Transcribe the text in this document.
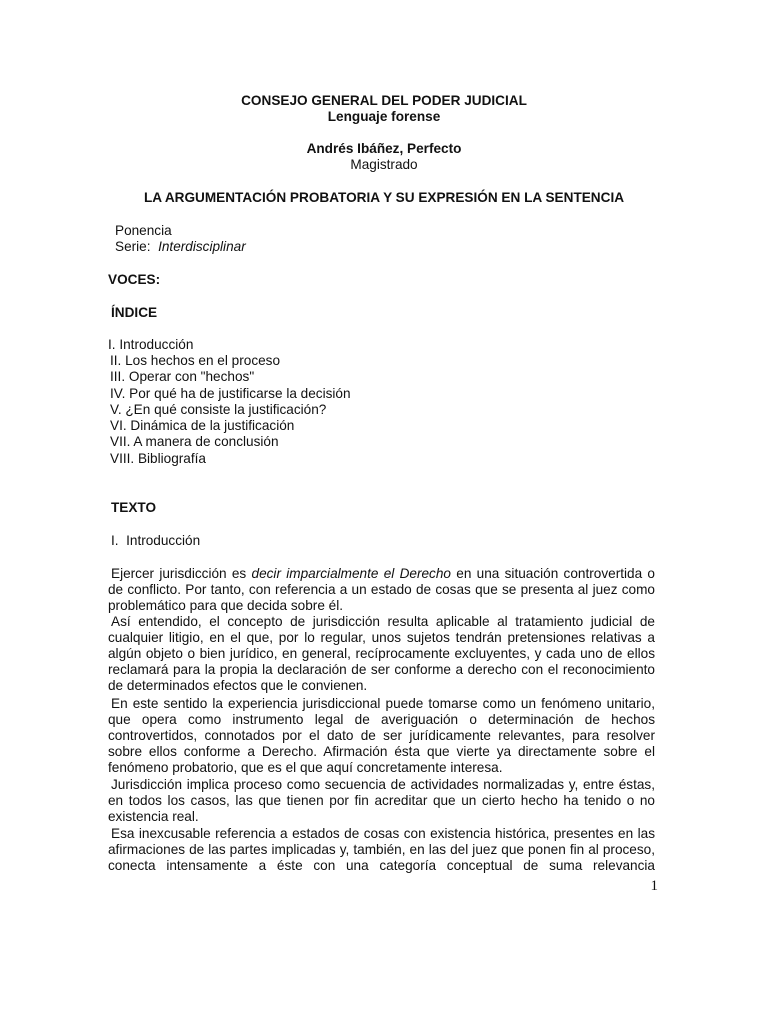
CONSEJO GENERAL DEL PODER JUDICIAL
Lenguaje forense
Andrés Ibáñez, Perfecto
Magistrado
LA ARGUMENTACIÓN PROBATORIA Y SU EXPRESIÓN EN LA SENTENCIA
Ponencia
Serie: Interdisciplinar
VOCES:
ÍNDICE
I. Introducción
II. Los hechos en el proceso
III. Operar con "hechos"
IV. Por qué ha de justificarse la decisión
V. ¿En qué consiste la justificación?
VI. Dinámica de la justificación
VII. A manera de conclusión
VIII. Bibliografía
TEXTO
I.  Introducción

Ejercer jurisdicción es decir imparcialmente el Derecho en una situación controvertida o de conflicto. Por tanto, con referencia a un estado de cosas que se presenta al juez como problemático para que decida sobre él.

Así entendido, el concepto de jurisdicción resulta aplicable al tratamiento judicial de cualquier litigio, en el que, por lo regular, unos sujetos tendrán pretensiones relativas a algún objeto o bien jurídico, en general, recíprocamente excluyentes, y cada uno de ellos reclamará para la propia la declaración de ser conforme a derecho con el reconocimiento de determinados efectos que le convienen.

En este sentido la experiencia jurisdiccional puede tomarse como un fenómeno unitario, que opera como instrumento legal de averiguación o determinación de hechos controvertidos, connotados por el dato de ser jurídicamente relevantes, para resolver sobre ellos conforme a Derecho. Afirmación ésta que vierte ya directamente sobre el fenómeno probatorio, que es el que aquí concretamente interesa.

Jurisdicción implica proceso como secuencia de actividades normalizadas y, entre éstas, en todos los casos, las que tienen por fin acreditar que un cierto hecho ha tenido o no existencia real.

Esa inexcusable referencia a estados de cosas con existencia histórica, presentes en las afirmaciones de las partes implicadas y, también, en las del juez que ponen fin al proceso, conecta intensamente a éste con una categoría conceptual de suma relevancia

1
